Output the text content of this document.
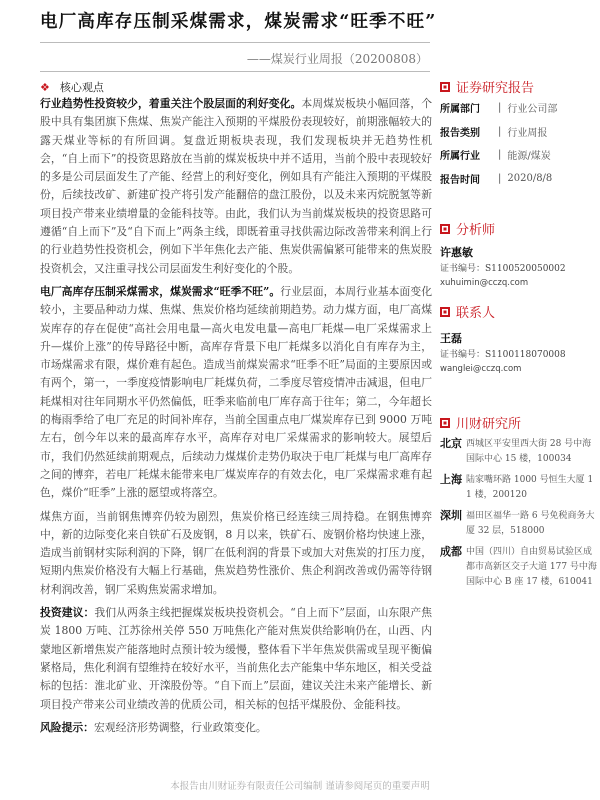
电厂高库存压制采煤需求，煤炭需求“旺季不旺”
——煤炭行业周报（20200808）
❖ 核心观点

行业趋势性投资较少，着重关注个股层面的利好变化。本周煤炭板块小幅回落，个股中具有集团旗下焦煤、焦炭产能注入预期的平煤股份表现较好，前期涨幅较大的露天煤业等标的有所回调。复盘近期板块表现，我们发现板块并无趋势性机会，“自上而下”的投资思路放在当前的煤炭板块中并不适用，当前个股中表现较好的多是公司层面发生了产能、经营上的利好变化，例如具有产能注入预期的平煤股份，后续技改矿、新建矿投产将引发产能翻倍的盘江股份，以及未来丙烷脱氢等新项目投产带来业绩增量的金能科技等。由此，我们认为当前煤炭板块的投资思路可遵循“自上而下”及“自下而上”两条主线，即既着重寻找供需边际改善带来利润上行的行业趋势性投资机会，例如下半年焦化去产能、焦炭供需偏紧可能带来的焦炭股投资机会，又注重寻找公司层面发生利好变化的个股。

电厂高库存压制采煤需求，煤炭需求“旺季不旺”。行业层面，本周行业基本面变化较小，主要品种动力煤、焦煤、焦炭价格均延续前期趋势。动力煤方面，电厂高煤炭库存的存在促使“高社会用电量—高火电发电量—高电厂耗煤—电厂采煤需求上升—煤价上涨”的传导路径中断，高库存背景下电厂耗煤多以消化自有库存为主，市场煤需求有限，煤价难有起色。造成当前煤炭需求“旺季不旺”局面的主要原因或有两个，第一，一季度疫情影响电厂耗煤负荷，二季度尽管疫情冲击减退，但电厂耗煤相对往年同期水平仍然偏低，旺季来临前电厂库存高于往年；第二，今年超长的梅雨季给了电厂充足的时间补库存，当前全国重点电厂煤炭库存已到 9000 万吨左右，创今年以来的最高库存水平，高库存对电厂采煤需求的影响较大。展望后市，我们仍然延续前期观点，后续动力煤煤价走势仍取决于电厂耗煤与电厂高库存之间的博弈，若电厂耗煤未能带来电厂煤炭库存的有效去化，电厂采煤需求难有起色，煤价“旺季”上涨的愿望或将落空。

煤焦方面，当前钢焦博弈仍较为剧烈，焦炭价格已经连续三周持稳。在钢焦博弈中，新的边际变化来自铁矿石及废钢，8 月以来，铁矿石、废钢价格均快速上涨，造成当前钢材实际利润的下降，钢厂在低利润的背景下或加大对焦炭的打压力度，短期内焦炭价格没有大幅上行基础，焦炭趋势性涨价、焦企利润改善或仍需等待钢材利润改善，钢厂采购焦炭需求增加。

投资建议：我们从两条主线把握煤炭板块投资机会。“自上而下”层面，山东限产焦炭 1800 万吨、江苏徐州关停 550 万吨焦化产能对焦炭供给影响仍在，山西、内蒙地区新增焦炭产能落地时点预计较为缓慢，整体看下半年焦炭供需或呈现平衡偏紧格局，焦化利润有望维持在较好水平，当前焦化去产能集中华东地区，相关受益标的包括：淮北矿业、开滦股份等。“自下而上”层面，建议关注未来产能增长、新项目投产带来公司业绩改善的优质公司，相关标的包括平煤股份、金能科技。

风险提示：宏观经济形势调整，行业政策变化。

证券研究报告
所属部门	| 行业公司部
报告类别	| 行业周报
所属行业	| 能源/煤炭
报告时间	| 2020/8/8
分析师
许惠敏
证书编号：S1100520050002
xuhuimin@cczq.com
联系人
王磊
证书编号：S1100118070008
wanglei@cczq.com
川财研究所
北京 西城区平安里西大街 28 号中海国际中心 15 楼，100034
上海 陆家嘴环路 1000 号恒生大厦 11 楼，200120
深圳 福田区福华一路 6 号免税商务大厦 32 层，518000
成都 中国（四川）自由贸易试验区成都市高新区交子大道 177 号中海国际中心 B 座 17 楼，610041
本报告由川财证券有限责任公司编制 谨请参阅尾页的重要声明
